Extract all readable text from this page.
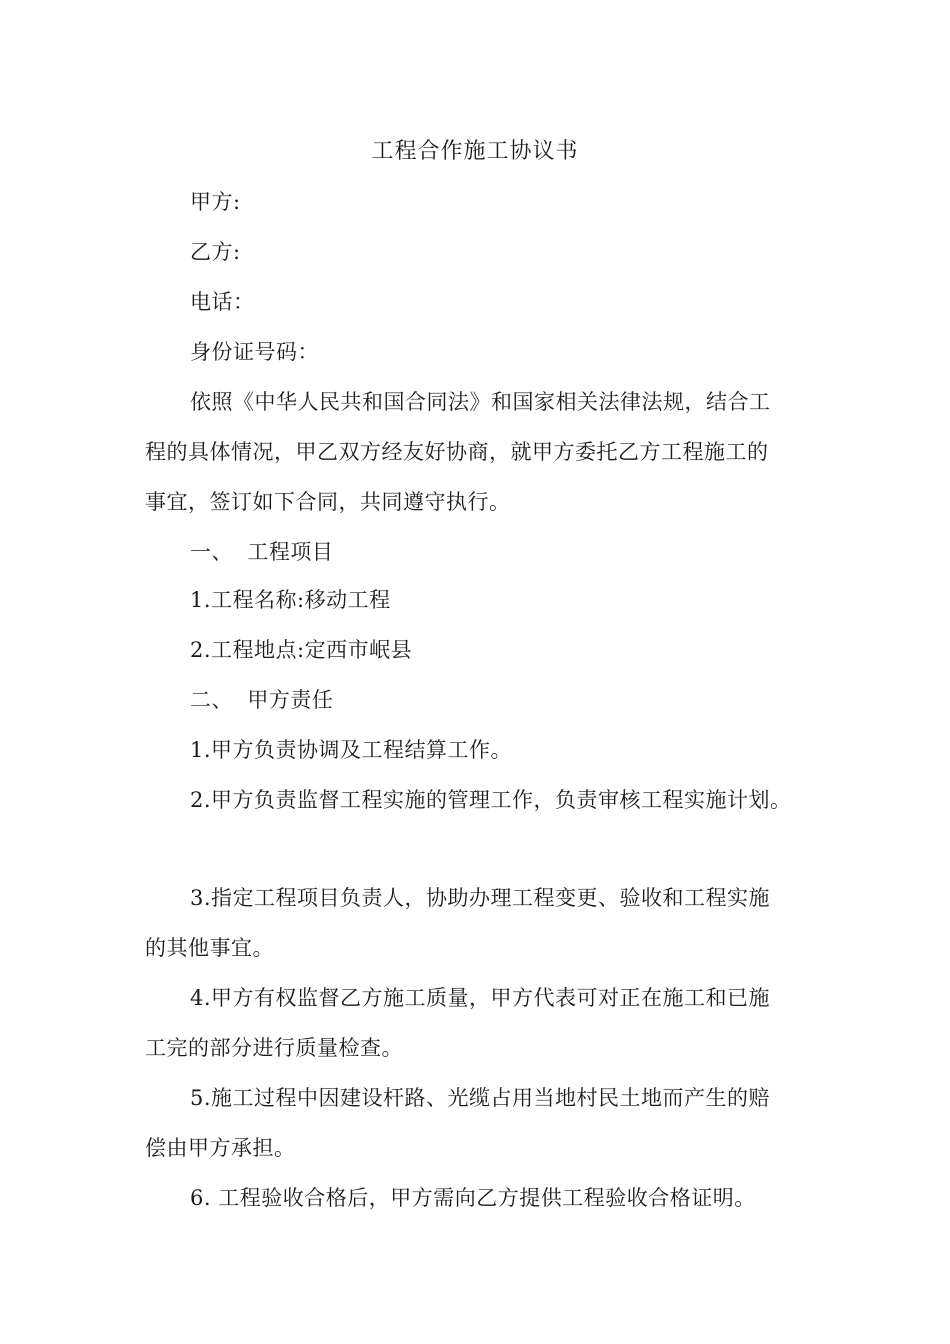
工程合作施工协议书
甲方:
乙方:
电话：
身份证号码：
依照《中华人民共和国合同法》和国家相关法律法规，结合工
程的具体情况，甲乙双方经友好协商，就甲方委托乙方工程施工的
事宜，签订如下合同，共同遵守执行。
一、  工程项目
1.工程名称:移动工程
2.工程地点:定西市岷县
二、  甲方责任
1.甲方负责协调及工程结算工作。
2.甲方负责监督工程实施的管理工作，负责审核工程实施计划。
3.指定工程项目负责人，协助办理工程变更、验收和工程实施
的其他事宜。
4.甲方有权监督乙方施工质量，甲方代表可对正在施工和已施
工完的部分进行质量检查。
5.施工过程中因建设杆路、光缆占用当地村民土地而产生的赔
偿由甲方承担。
6. 工程验收合格后，甲方需向乙方提供工程验收合格证明。
